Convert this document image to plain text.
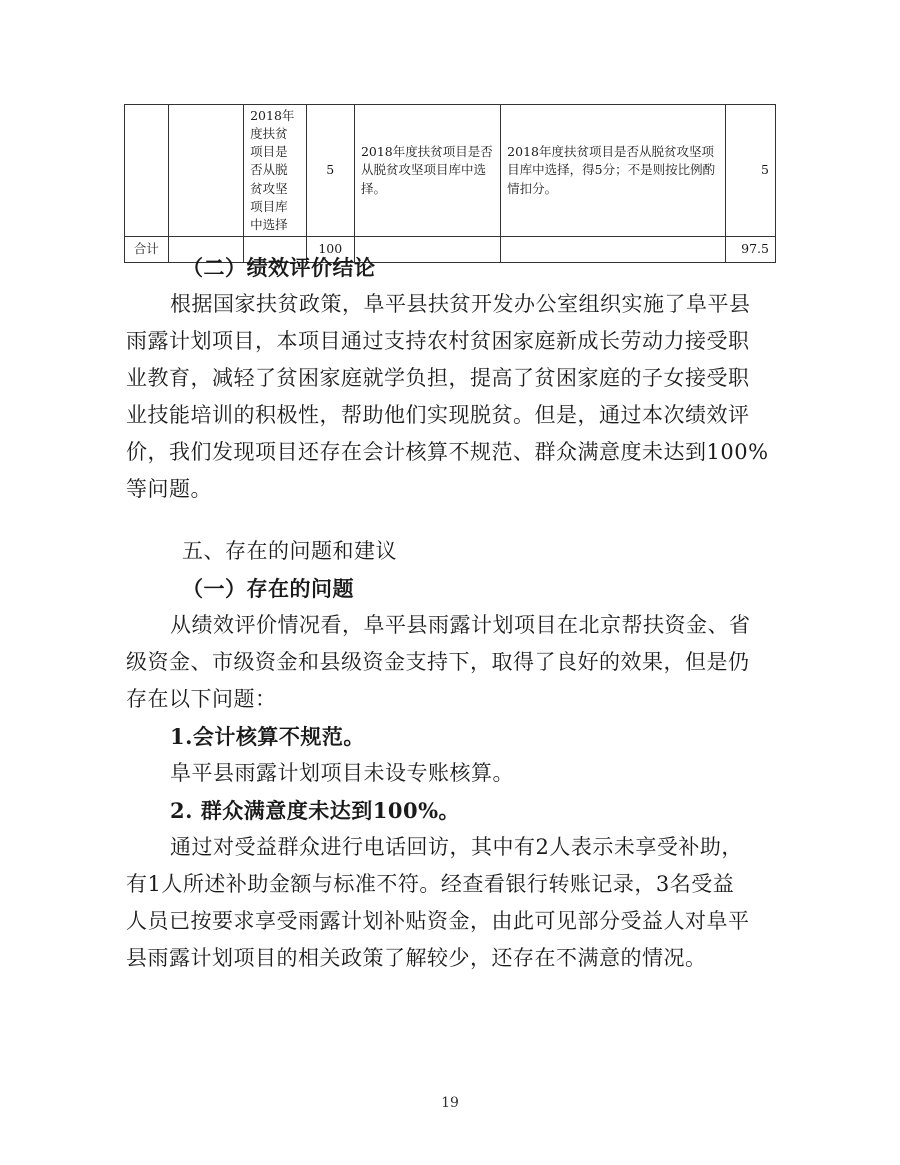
		2018年度扶贫项目是否从脱贫攻坚项目库中选择	5	2018年度扶贫项目是否从脱贫攻坚项目库中选择。	2018年度扶贫项目是否从脱贫攻坚项目库中选择，得5分；不是则按比例酌情扣分。	5
合计			100			97.5
（二）绩效评价结论
根据国家扶贫政策，阜平县扶贫开发办公室组织实施了阜平县
雨露计划项目，本项目通过支持农村贫困家庭新成长劳动力接受职
业教育，减轻了贫困家庭就学负担，提高了贫困家庭的子女接受职
业技能培训的积极性，帮助他们实现脱贫。但是，通过本次绩效评
价，我们发现项目还存在会计核算不规范、群众满意度未达到100%
等问题。
五、存在的问题和建议
（一）存在的问题
从绩效评价情况看，阜平县雨露计划项目在北京帮扶资金、省
级资金、市级资金和县级资金支持下，取得了良好的效果，但是仍
存在以下问题：
1.会计核算不规范。
阜平县雨露计划项目未设专账核算。
2. 群众满意度未达到100%。
通过对受益群众进行电话回访，其中有2人表示未享受补助，
有1人所述补助金额与标准不符。经查看银行转账记录，3名受益
人员已按要求享受雨露计划补贴资金，由此可见部分受益人对阜平
县雨露计划项目的相关政策了解较少，还存在不满意的情况。
19
